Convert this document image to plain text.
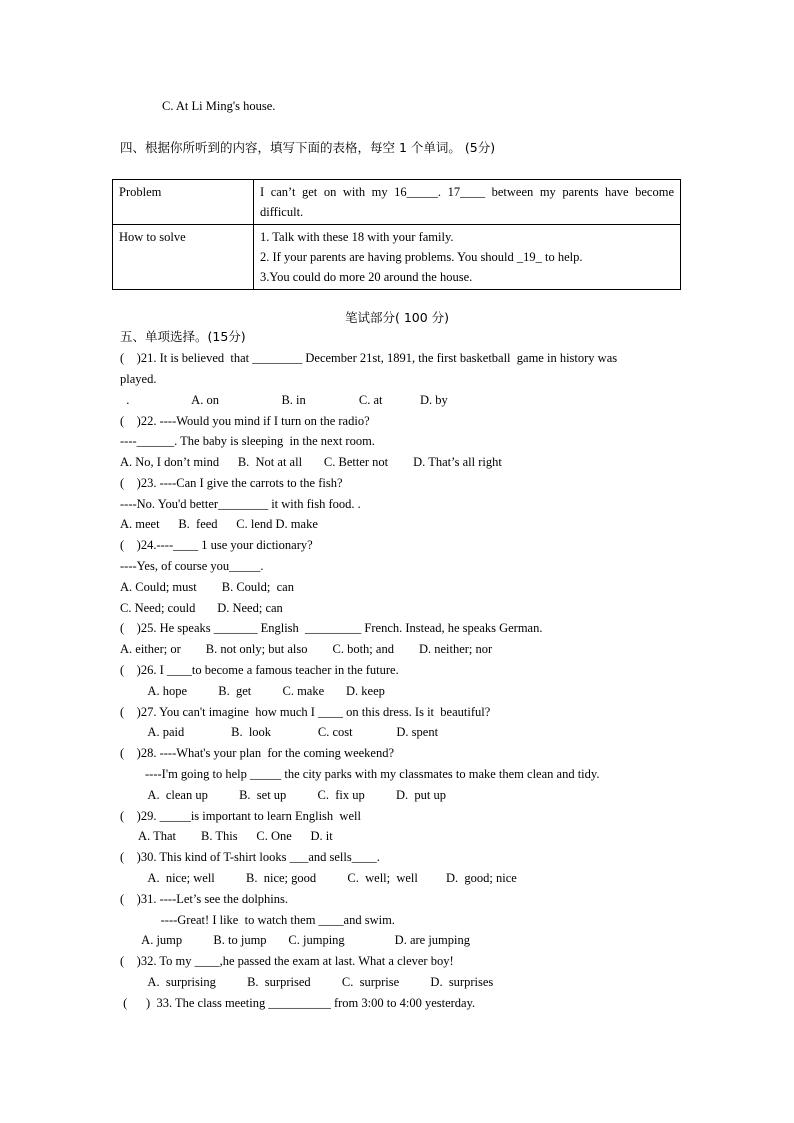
C. At Li Ming's house.
四、根据你所听到的内容，填写下面的表格，每空 1 个单词。 (5分)
Problem	I can’t get on with my 16_____. 17____ between my parents have become difficult.
How to solve	1. Talk with these 18 with your family.
2. If your parents are having problems. You should _19_ to help.
3.You could do more 20 around the house.
笔试部分( 100 分)
五、单项选择。(15分)
(    )21. It is believed  that ________ December 21st, 1891, the first basketball  game in history was
played.
.                    A. on                    B. in                 C. at            D. by
(    )22. ----Would you mind if I turn on the radio?
----______. The baby is sleeping  in the next room.
A. No, I don’t mind      B.  Not at all       C. Better not        D. That’s all right
(    )23. ----Can I give the carrots to the fish?
----No. You'd better________ it with fish food. .
A. meet      B.  feed      C. lend D. make
(    )24.----____ 1 use your dictionary?
----Yes, of course you_____.
A. Could; must        B. Could;  can
C. Need; could       D. Need; can
(    )25. He speaks _______ English  _________ French. Instead, he speaks German.
A. either; or        B. not only; but also        C. both; and        D. neither; nor
(    )26. I ____to become a famous teacher in the future.
A. hope          B.  get          C. make       D. keep
(    )27. You can't imagine  how much I ____ on this dress. Is it  beautiful?
A. paid               B.  look               C. cost              D. spent
(    )28. ----What's your plan  for the coming weekend?
----I'm going to help _____ the city parks with my classmates to make them clean and tidy.
A.  clean up          B.  set up          C.  fix up          D.  put up
(    )29. _____is important to learn English  well
A. That        B. This      C. One      D. it
(    )30. This kind of T-shirt looks ___and sells____.
A.  nice; well          B.  nice; good          C.  well;  well         D.  good; nice
(    )31. ----Let’s see the dolphins.
----Great! I like  to watch them ____and swim.
A. jump          B. to jump       C. jumping                D. are jumping
(    )32. To my ____,he passed the exam at last. What a clever boy!
A.  surprising          B.  surprised          C.  surprise          D.  surprises
(      )  33. The class meeting __________ from 3:00 to 4:00 yesterday.
